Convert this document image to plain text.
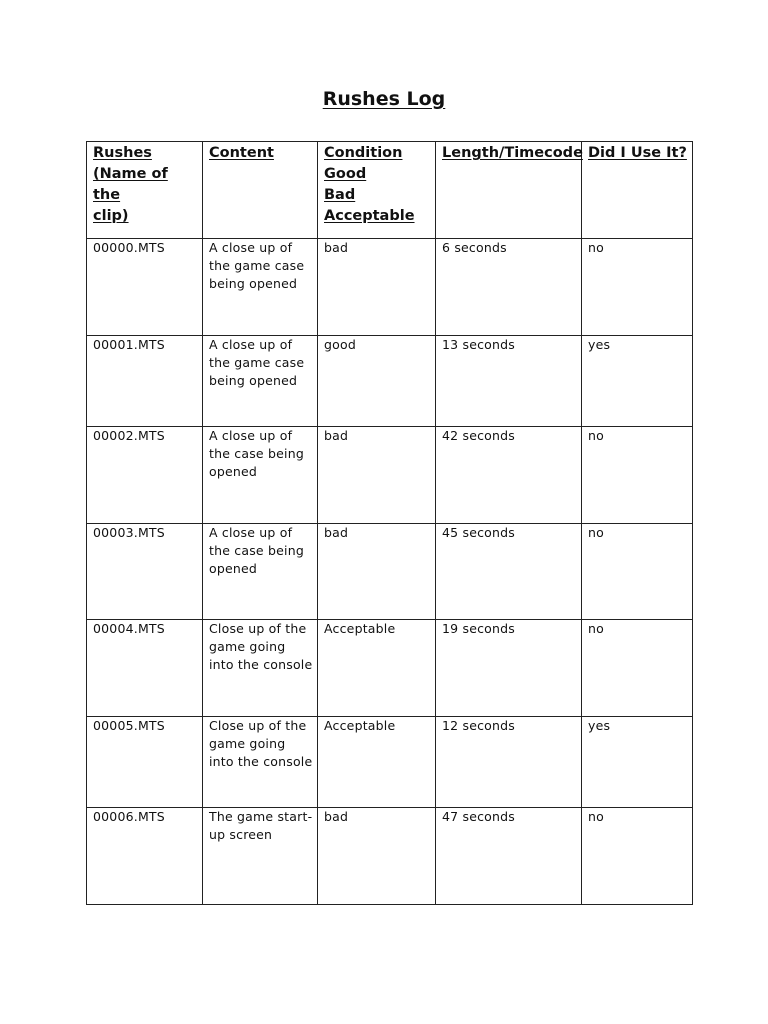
Rushes Log
Rushes
(Name of the
clip)	Content	Condition
Good
Bad
Acceptable	Length/Timecode	Did I Use It?

00000.MTS	A close up of the game case being opened	bad	6 seconds	no

00001.MTS	A close up of the game case being opened	good	13 seconds	yes

00002.MTS	A close up of the case being opened	bad	42 seconds	no

00003.MTS	A close up of the case being opened	bad	45 seconds	no

00004.MTS	Close up of the game going into the console	Acceptable	19 seconds	no

00005.MTS	Close up of the game going into the console	Acceptable	12 seconds	yes

00006.MTS	The game start-up screen	bad	47 seconds	no
